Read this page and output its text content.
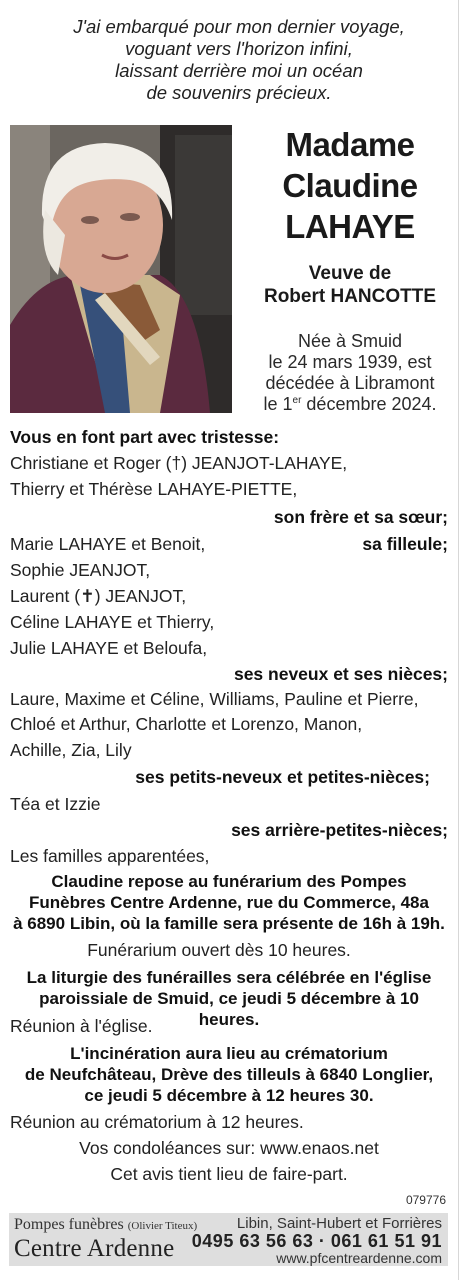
J'ai embarqué pour mon dernier voyage,
voguant vers l'horizon infini,
laissant derrière moi un océan
de souvenirs précieux.
Madame
Claudine
LAHAYE
Veuve de
Robert HANCOTTE
Née à Smuid
le 24 mars 1939, est
décédée à Libramont
le 1er décembre 2024.
Vous en font part avec tristesse:
Christiane et Roger (†) JEANJOT-LAHAYE,
Thierry et Thérèse LAHAYE-PIETTE,
son frère et sa sœur;
Marie LAHAYE et Benoit,	sa filleule;
Sophie JEANJOT,
Laurent (✝) JEANJOT,
Céline LAHAYE et Thierry,
Julie LAHAYE et Beloufa,
ses neveux et ses nièces;
Laure, Maxime et Céline, Williams, Pauline et Pierre,
Chloé et Arthur, Charlotte et Lorenzo, Manon,
Achille, Zia, Lily
ses petits-neveux et petites-nièces;
Téa et Izzie
ses arrière-petites-nièces;
Les familles apparentées,
Claudine repose au funérarium des Pompes
Funèbres Centre Ardenne, rue du Commerce, 48a
à 6890 Libin, où la famille sera présente de 16h à 19h.
Funérarium ouvert dès 10 heures.
La liturgie des funérailles sera célébrée en l'église
paroissiale de Smuid, ce jeudi 5 décembre à 10 heures.
Réunion à l'église.
L'incinération aura lieu au crématorium
de Neufchâteau, Drève des tilleuls à 6840 Longlier,
ce jeudi 5 décembre à 12 heures 30.
Réunion au crématorium à 12 heures.
Vos condoléances sur: www.enaos.net
Cet avis tient lieu de faire-part.
079776
Pompes funèbres (Olivier Titeux)
Centre Ardenne
Libin, Saint-Hubert et Forrières
0495 63 56 63 · 061 61 51 91
www.pfcentreardenne.com
